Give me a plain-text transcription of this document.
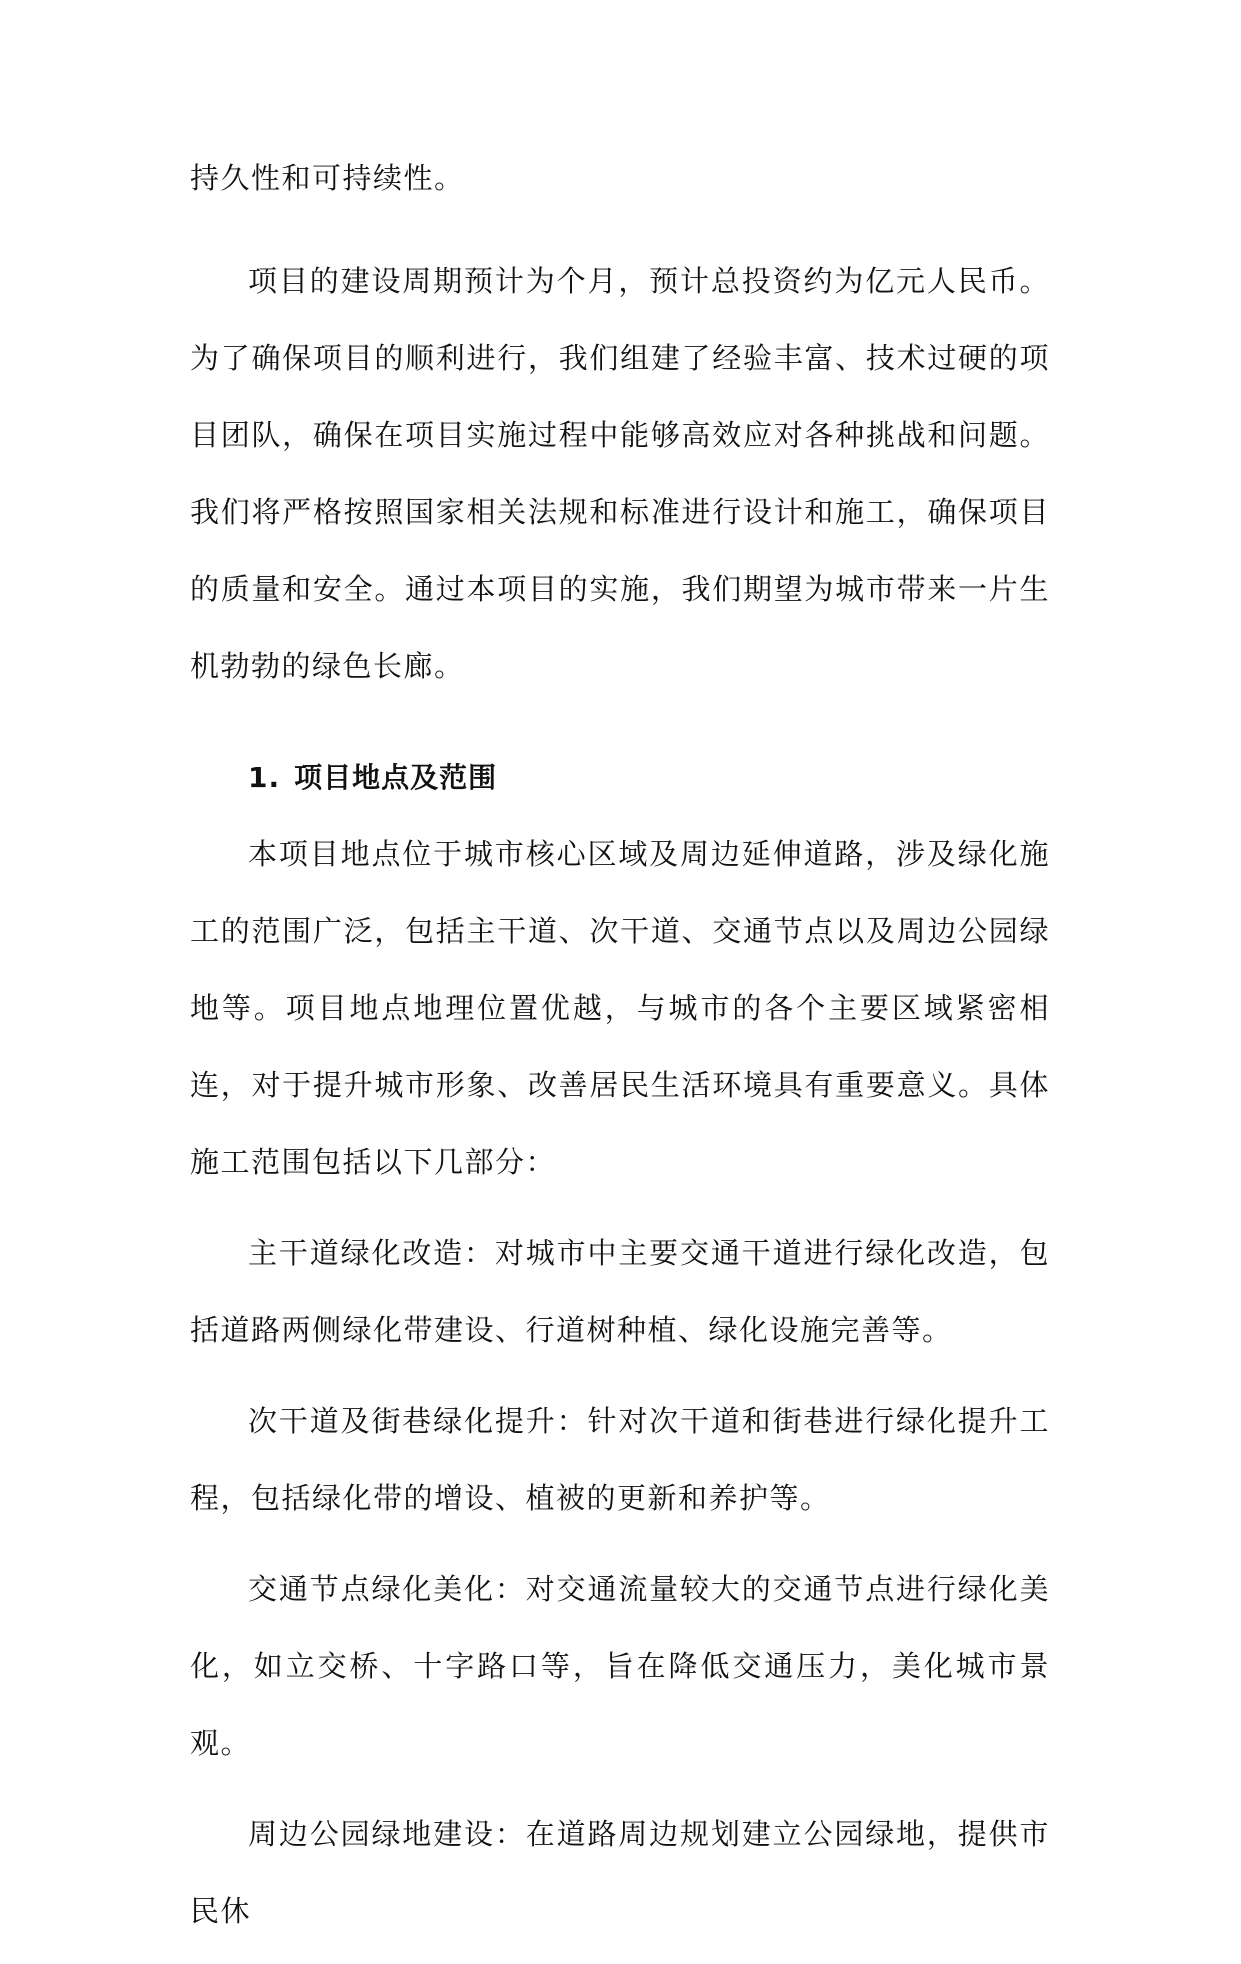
持久性和可持续性。

项目的建设周期预计为个月，预计总投资约为亿元人民币。为了确保项目的顺利进行，我们组建了经验丰富、技术过硬的项目团队，确保在项目实施过程中能够高效应对各种挑战和问题。我们将严格按照国家相关法规和标准进行设计和施工，确保项目的质量和安全。通过本项目的实施，我们期望为城市带来一片生机勃勃的绿色长廊。

1. 项目地点及范围

本项目地点位于城市核心区域及周边延伸道路，涉及绿化施工的范围广泛，包括主干道、次干道、交通节点以及周边公园绿地等。项目地点地理位置优越，与城市的各个主要区域紧密相连，对于提升城市形象、改善居民生活环境具有重要意义。具体施工范围包括以下几部分：

主干道绿化改造：对城市中主要交通干道进行绿化改造，包括道路两侧绿化带建设、行道树种植、绿化设施完善等。

次干道及街巷绿化提升：针对次干道和街巷进行绿化提升工程，包括绿化带的增设、植被的更新和养护等。

交通节点绿化美化：对交通流量较大的交通节点进行绿化美化，如立交桥、十字路口等，旨在降低交通压力，美化城市景观。

周边公园绿地建设：在道路周边规划建立公园绿地，提供市民休
